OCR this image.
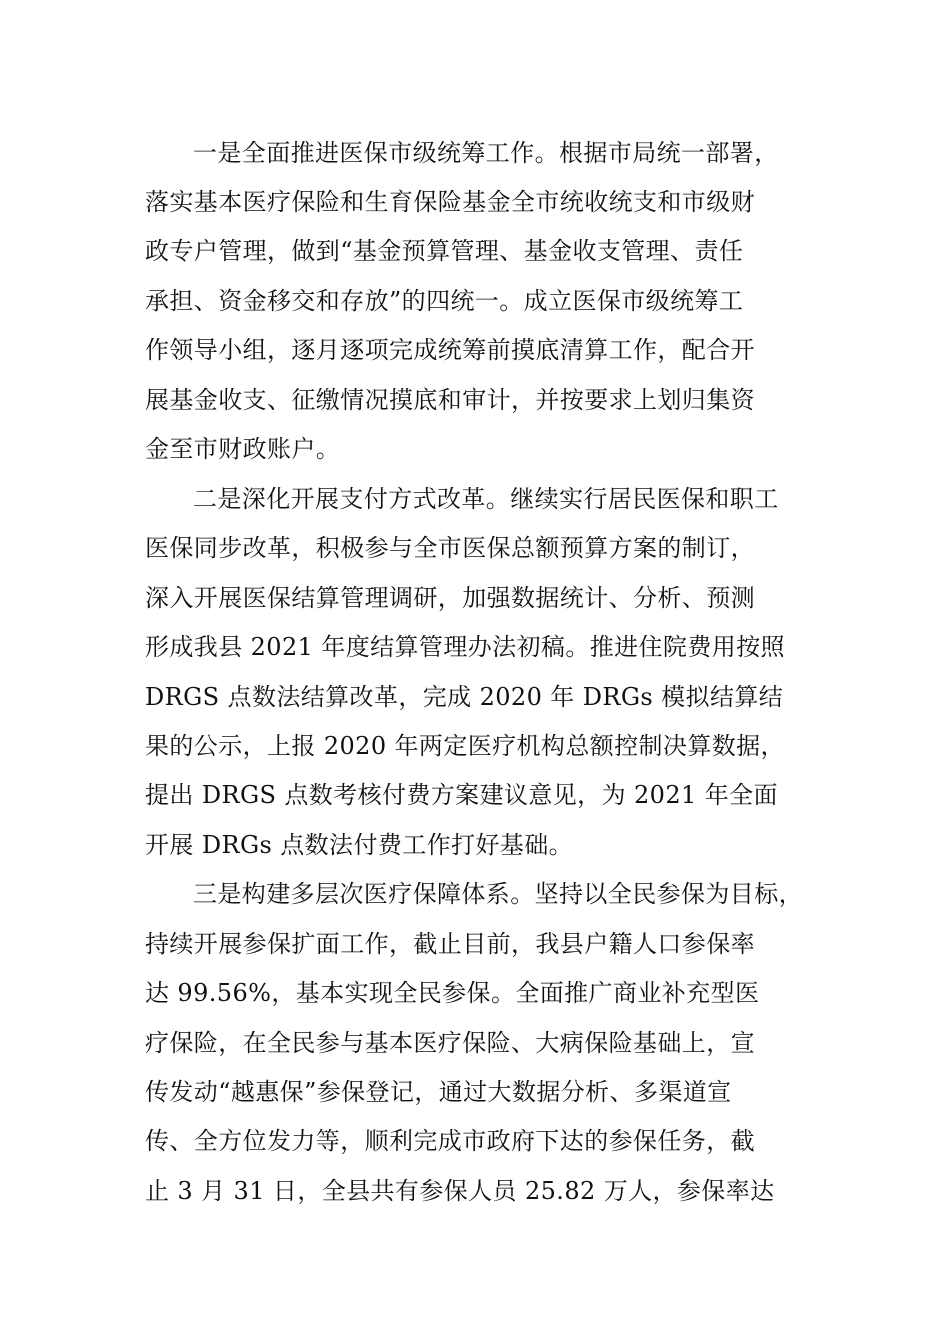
一是全面推进医保市级统筹工作。根据市局统一部署，
落实基本医疗保险和生育保险基金全市统收统支和市级财
政专户管理，做到“基金预算管理、基金收支管理、责任
承担、资金移交和存放”的四统一。成立医保市级统筹工
作领导小组，逐月逐项完成统筹前摸底清算工作，配合开
展基金收支、征缴情况摸底和审计，并按要求上划归集资
金至市财政账户。
二是深化开展支付方式改革。继续实行居民医保和职工
医保同步改革，积极参与全市医保总额预算方案的制订，
深入开展医保结算管理调研，加强数据统计、分析、预测
形成我县 2021 年度结算管理办法初稿。推进住院费用按照
DRGS 点数法结算改革，完成 2020 年 DRGs 模拟结算结
果的公示，上报 2020 年两定医疗机构总额控制决算数据，
提出 DRGS 点数考核付费方案建议意见，为 2021 年全面
开展 DRGs 点数法付费工作打好基础。
三是构建多层次医疗保障体系。坚持以全民参保为目标，
持续开展参保扩面工作，截止目前，我县户籍人口参保率
达 99.56%，基本实现全民参保。全面推广商业补充型医
疗保险，在全民参与基本医疗保险、大病保险基础上，宣
传发动“越惠保”参保登记，通过大数据分析、多渠道宣
传、全方位发力等，顺利完成市政府下达的参保任务，截
止 3 月 31 日，全县共有参保人员 25.82 万人，参保率达
